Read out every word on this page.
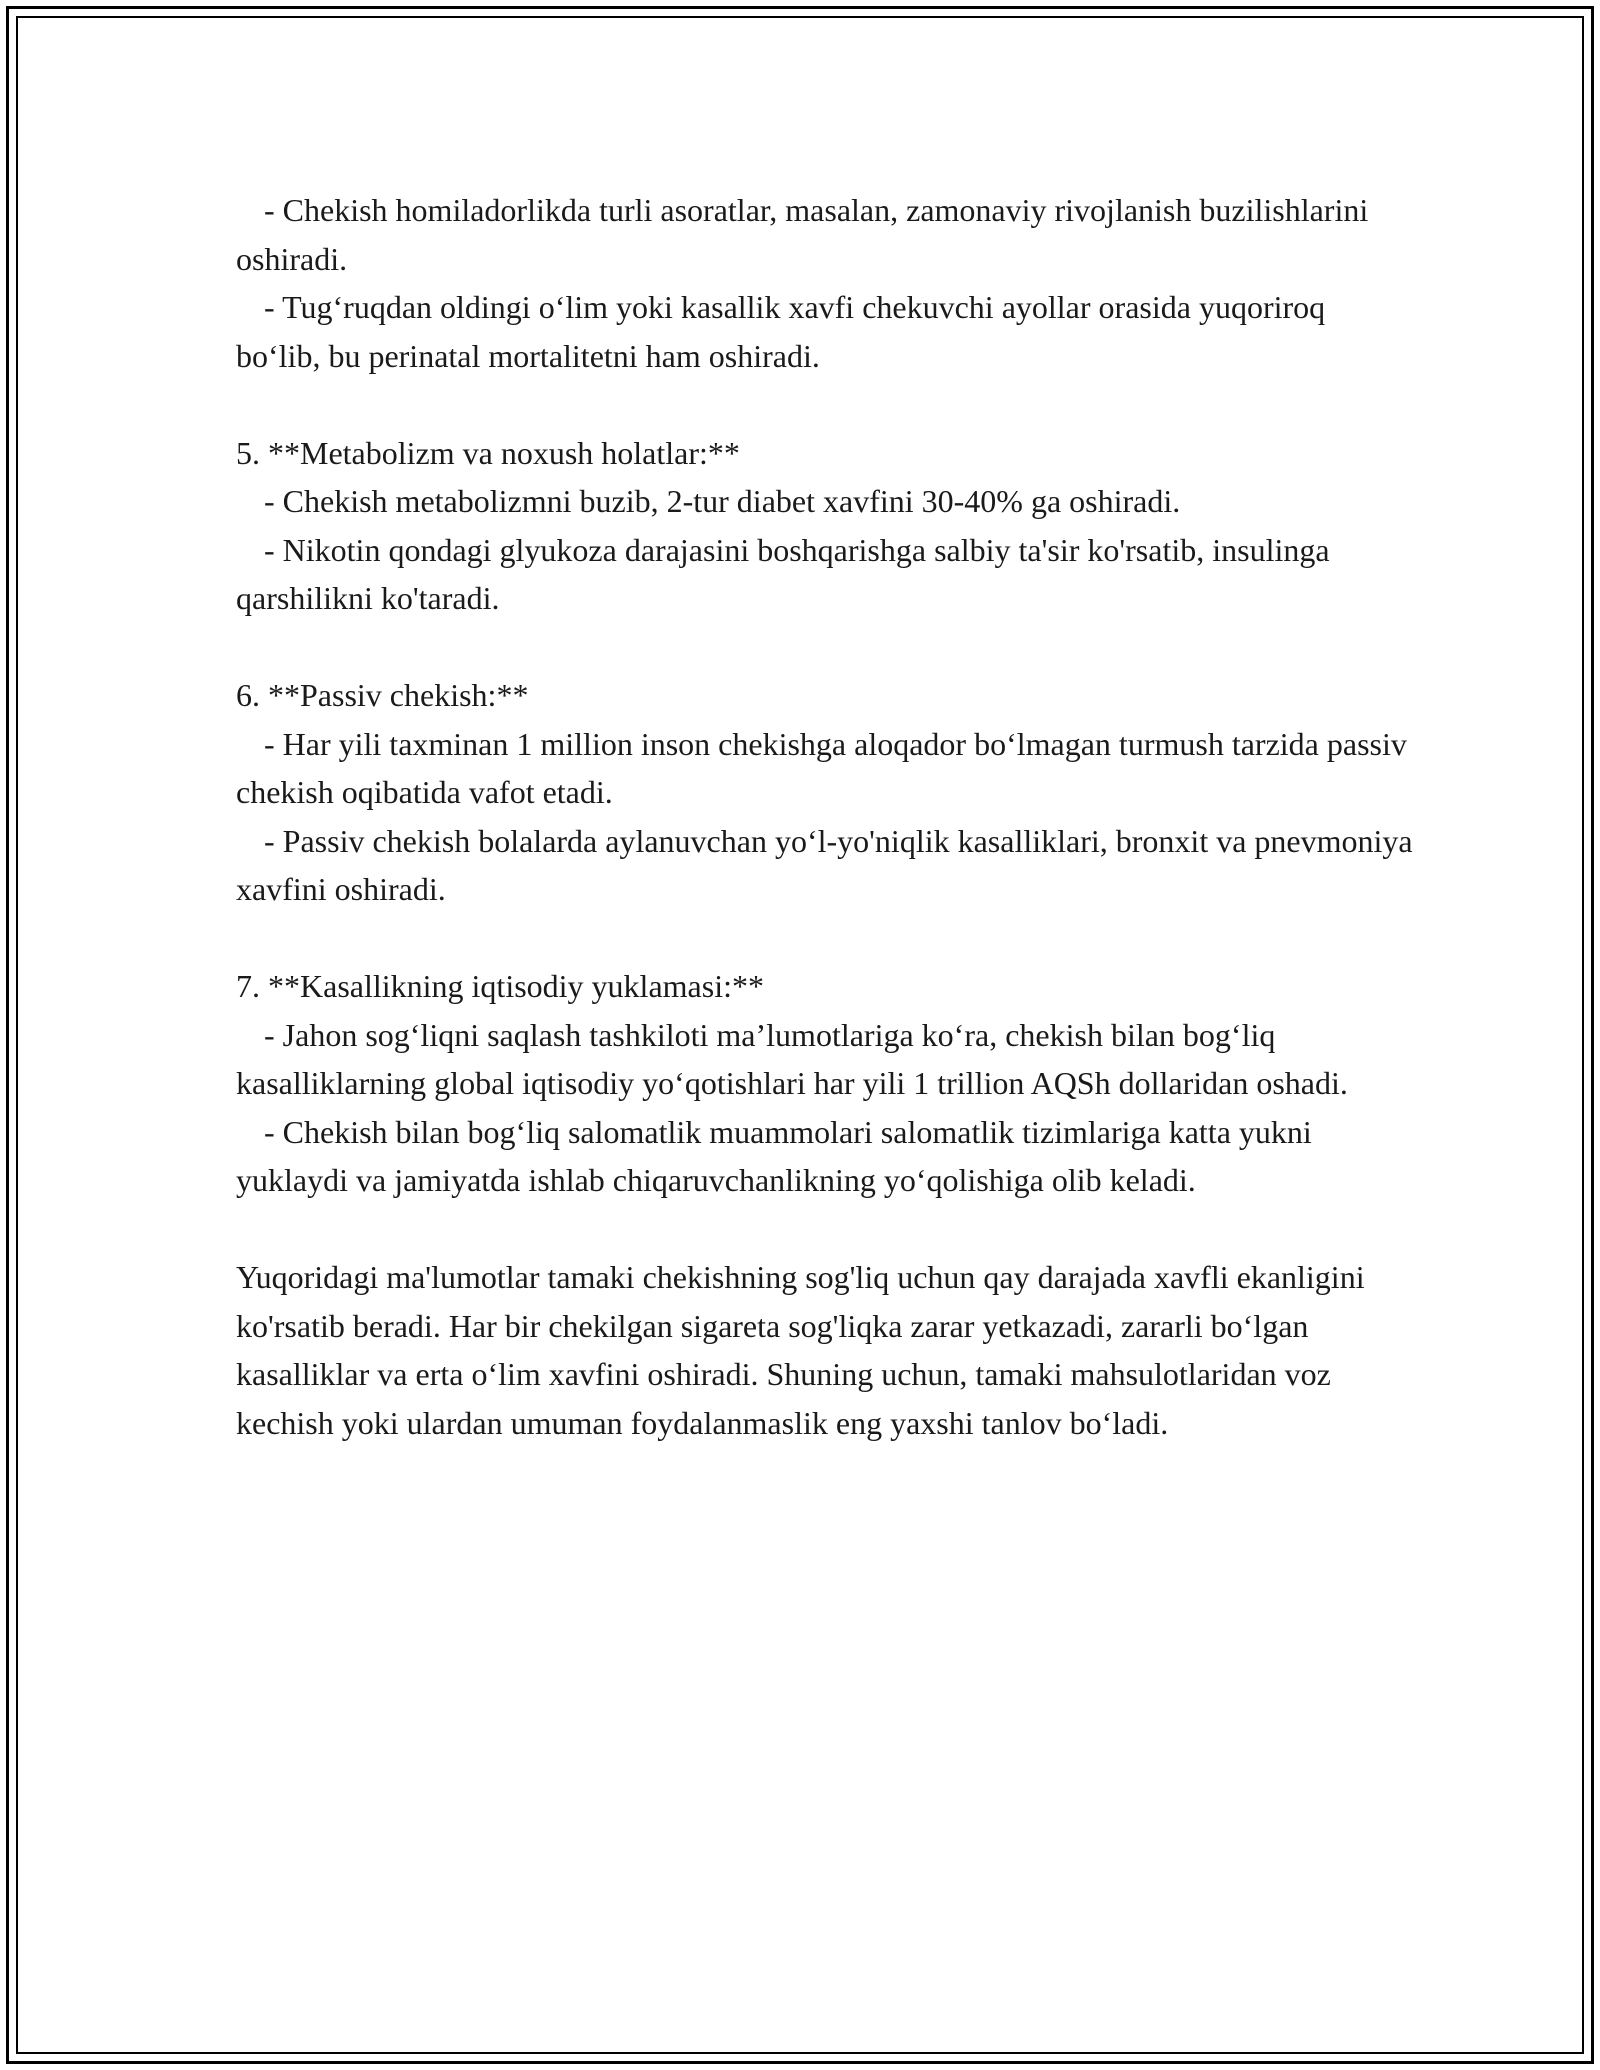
- Chekish homiladorlikda turli asoratlar, masalan, zamonaviy rivojlanish buzilishlarini oshiradi.

- Tug‘ruqdan oldingi o‘lim yoki kasallik xavfi chekuvchi ayollar orasida yuqoriroq bo‘lib, bu perinatal mortalitetni ham oshiradi.

5. **Metabolizm va noxush holatlar:**

- Chekish metabolizmni buzib, 2-tur diabet xavfini 30-40% ga oshiradi.

- Nikotin qondagi glyukoza darajasini boshqarishga salbiy ta'sir ko'rsatib, insulinga qarshilikni ko'taradi.

6. **Passiv chekish:**

- Har yili taxminan 1 million inson chekishga aloqador bo‘lmagan turmush tarzida passiv chekish oqibatida vafot etadi.

- Passiv chekish bolalarda aylanuvchan yo‘l-yo'niqlik kasalliklari, bronxit va pnevmoniya xavfini oshiradi.

7. **Kasallikning iqtisodiy yuklamasi:**

- Jahon sog‘liqni saqlash tashkiloti ma’lumotlariga ko‘ra, chekish bilan bog‘liq kasalliklarning global iqtisodiy yo‘qotishlari har yili 1 trillion AQSh dollaridan oshadi.

- Chekish bilan bog‘liq salomatlik muammolari salomatlik tizimlariga katta yukni yuklaydi va jamiyatda ishlab chiqaruvchanlikning yo‘qolishiga olib keladi.

Yuqoridagi ma'lumotlar tamaki chekishning sog'liq uchun qay darajada xavfli ekanligini ko'rsatib beradi. Har bir chekilgan sigareta sog'liqka zarar yetkazadi, zararli bo‘lgan kasalliklar va erta o‘lim xavfini oshiradi. Shuning uchun, tamaki mahsulotlaridan voz kechish yoki ulardan umuman foydalanmaslik eng yaxshi tanlov bo‘ladi.
